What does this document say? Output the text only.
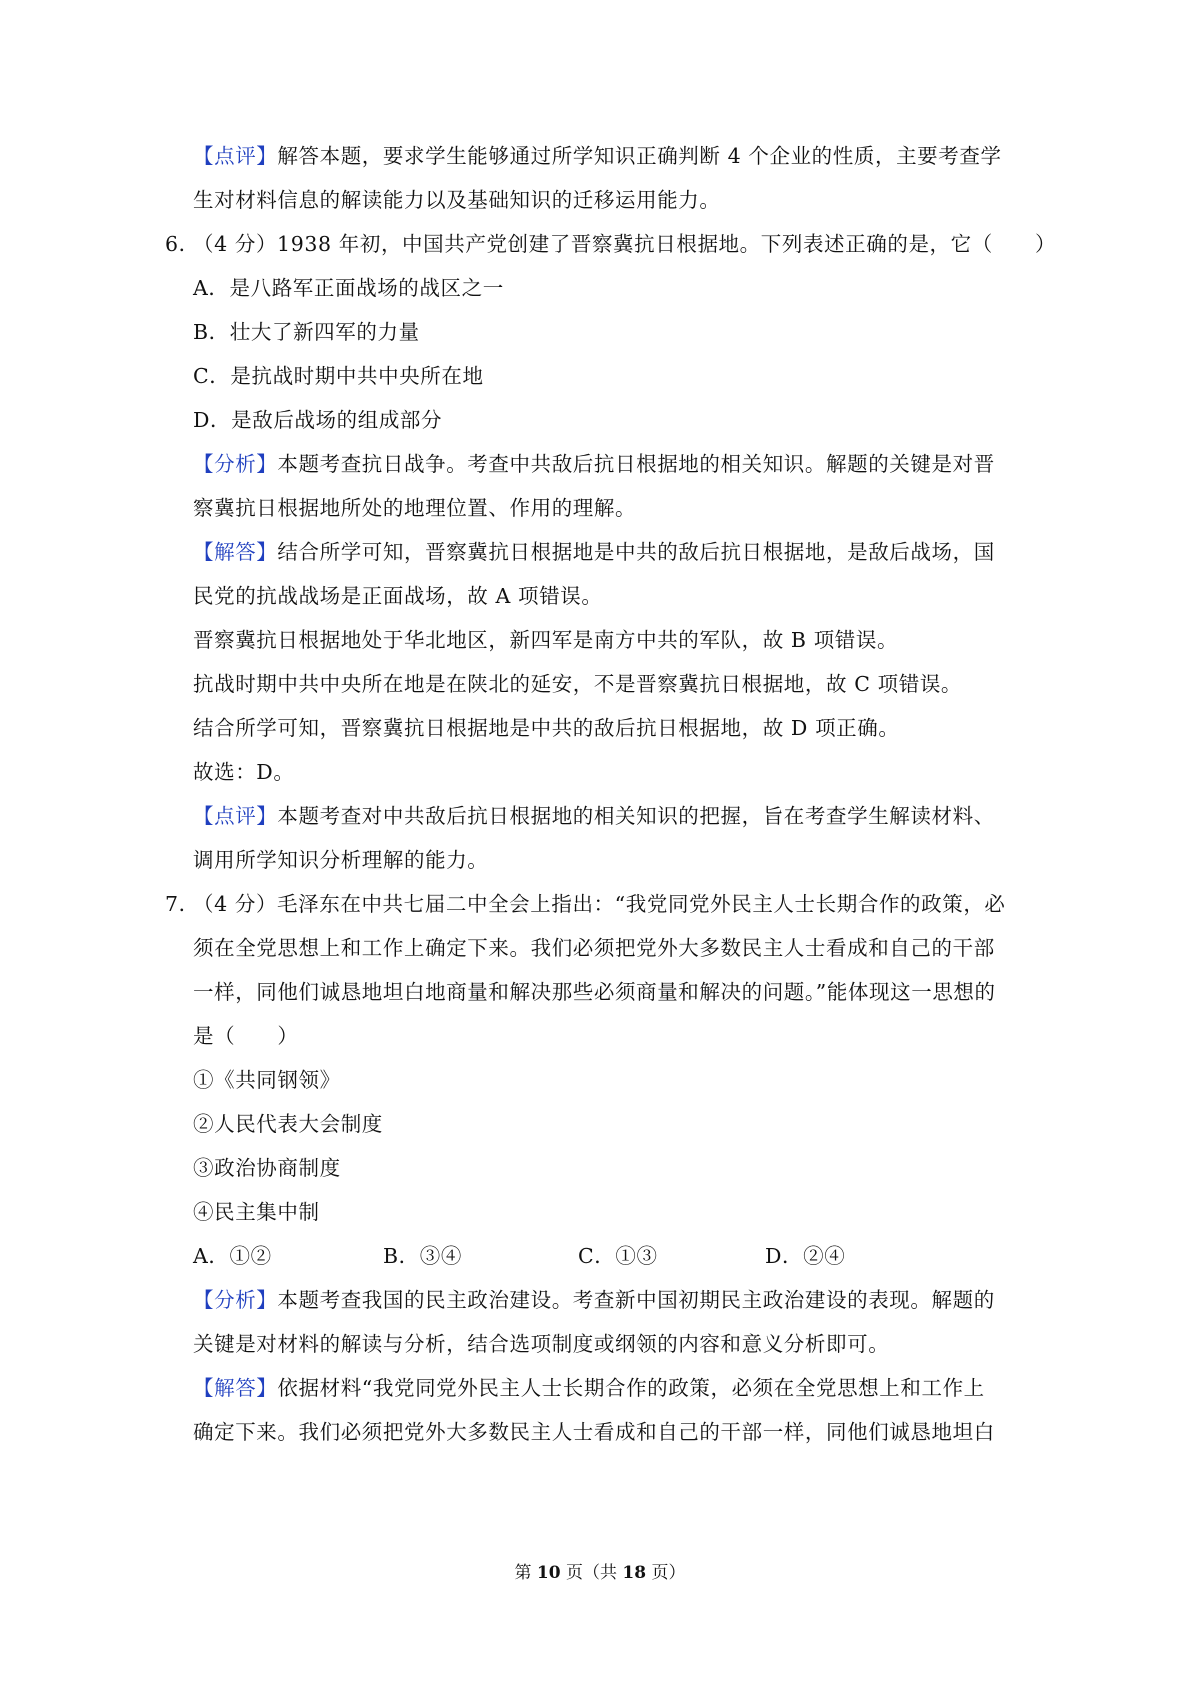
【点评】解答本题，要求学生能够通过所学知识正确判断 4 个企业的性质，主要考查学
生对材料信息的解读能力以及基础知识的迁移运用能力。
6．
（4 分）1938 年初，中国共产党创建了晋察冀抗日根据地。下列表述正确的是，它（　　）
A．是八路军正面战场的战区之一
B．壮大了新四军的力量
C．是抗战时期中共中央所在地
D．是敌后战场的组成部分
【分析】本题考查抗日战争。考查中共敌后抗日根据地的相关知识。解题的关键是对晋
察冀抗日根据地所处的地理位置、作用的理解。
【解答】结合所学可知，晋察冀抗日根据地是中共的敌后抗日根据地，是敌后战场，国
民党的抗战战场是正面战场，故 A 项错误。
晋察冀抗日根据地处于华北地区，新四军是南方中共的军队，故 B 项错误。
抗战时期中共中央所在地是在陕北的延安，不是晋察冀抗日根据地，故 C 项错误。
结合所学可知，晋察冀抗日根据地是中共的敌后抗日根据地，故 D 项正确。
故选：D。
【点评】本题考查对中共敌后抗日根据地的相关知识的把握，旨在考查学生解读材料、
调用所学知识分析理解的能力。
7．
（4 分）毛泽东在中共七届二中全会上指出：“我党同党外民主人士长期合作的政策，必
须在全党思想上和工作上确定下来。我们必须把党外大多数民主人士看成和自己的干部
一样，同他们诚恳地坦白地商量和解决那些必须商量和解决的问题。”能体现这一思想的
是（　　）
①《共同钢领》
②人民代表大会制度
③政治协商制度
④民主集中制
A．①②	B．③④	C．①③	D．②④
【分析】本题考查我国的民主政治建设。考查新中国初期民主政治建设的表现。解题的
关键是对材料的解读与分析，结合选项制度或纲领的内容和意义分析即可。
【解答】依据材料“我党同党外民主人士长期合作的政策，必须在全党思想上和工作上
确定下来。我们必须把党外大多数民主人士看成和自己的干部一样，同他们诚恳地坦白
第 10 页（共 18 页）
